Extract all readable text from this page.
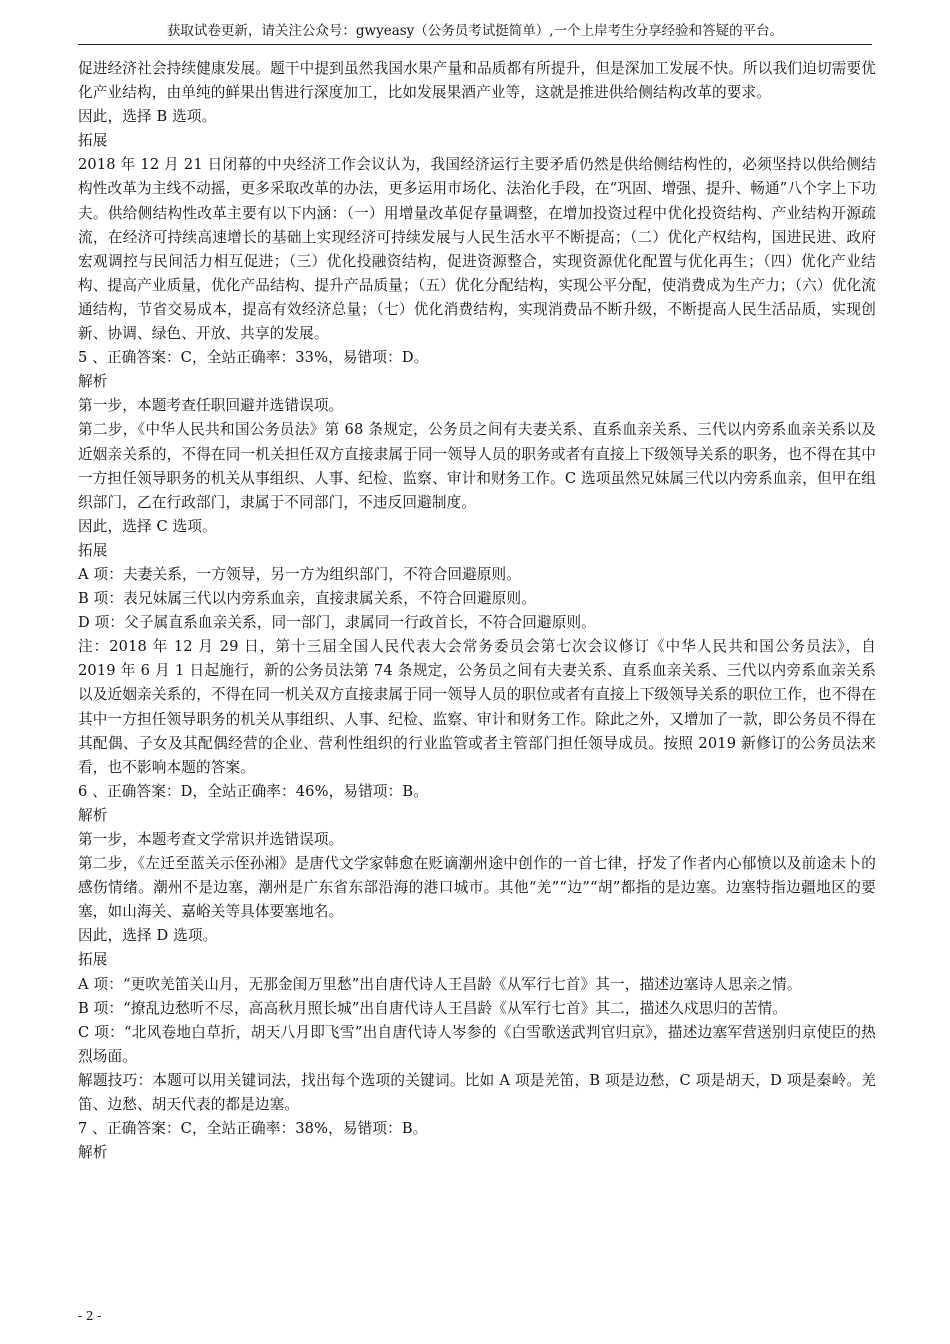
获取试卷更新，请关注公众号：gwyeasy（公务员考试挺简单）,一个上岸考生分享经验和答疑的平台。

促进经济社会持续健康发展。题干中提到虽然我国水果产量和品质都有所提升，但是深加工发展不快。所以我们迫切需要优化产业结构，由单纯的鲜果出售进行深度加工，比如发展果酒产业等，这就是推进供给侧结构改革的要求。

因此，选择 B 选项。

拓展

2018 年 12 月 21 日闭幕的中央经济工作会议认为，我国经济运行主要矛盾仍然是供给侧结构性的，必须坚持以供给侧结构性改革为主线不动摇，更多采取改革的办法，更多运用市场化、法治化手段，在“巩固、增强、提升、畅通”八个字上下功夫。供给侧结构性改革主要有以下内涵：（一）用增量改革促存量调整，在增加投资过程中优化投资结构、产业结构开源疏流，在经济可持续高速增长的基础上实现经济可持续发展与人民生活水平不断提高；（二）优化产权结构，国进民进、政府宏观调控与民间活力相互促进；（三）优化投融资结构，促进资源整合，实现资源优化配置与优化再生；（四）优化产业结构、提高产业质量，优化产品结构、提升产品质量；（五）优化分配结构，实现公平分配，使消费成为生产力；（六）优化流通结构，节省交易成本，提高有效经济总量；（七）优化消费结构，实现消费品不断升级，不断提高人民生活品质，实现创新、协调、绿色、开放、共享的发展。

5 、正确答案：C，全站正确率：33%，易错项：D。

解析

第一步，本题考查任职回避并选错误项。

第二步，《中华人民共和国公务员法》第 68 条规定，公务员之间有夫妻关系、直系血亲关系、三代以内旁系血亲关系以及近姻亲关系的，不得在同一机关担任双方直接隶属于同一领导人员的职务或者有直接上下级领导关系的职务，也不得在其中一方担任领导职务的机关从事组织、人事、纪检、监察、审计和财务工作。C 选项虽然兄妹属三代以内旁系血亲，但甲在组织部门，乙在行政部门，隶属于不同部门，不违反回避制度。

因此，选择 C 选项。

拓展

A 项：夫妻关系，一方领导，另一方为组织部门，不符合回避原则。

B 项：表兄妹属三代以内旁系血亲，直接隶属关系，不符合回避原则。

D 项：父子属直系血亲关系，同一部门，隶属同一行政首长，不符合回避原则。

注：2018 年 12 月 29 日，第十三届全国人民代表大会常务委员会第七次会议修订《中华人民共和国公务员法》，自 2019 年 6 月 1 日起施行，新的公务员法第 74 条规定，公务员之间有夫妻关系、直系血亲关系、三代以内旁系血亲关系以及近姻亲关系的，不得在同一机关双方直接隶属于同一领导人员的职位或者有直接上下级领导关系的职位工作，也不得在其中一方担任领导职务的机关从事组织、人事、纪检、监察、审计和财务工作。除此之外，又增加了一款，即公务员不得在其配偶、子女及其配偶经营的企业、营利性组织的行业监管或者主管部门担任领导成员。按照 2019 新修订的公务员法来看，也不影响本题的答案。

6 、正确答案：D，全站正确率：46%，易错项：B。

解析

第一步，本题考查文学常识并选错误项。

第二步，《左迁至蓝关示侄孙湘》是唐代文学家韩愈在贬谪潮州途中创作的一首七律，抒发了作者内心郁愤以及前途未卜的感伤情绪。潮州不是边塞，潮州是广东省东部沿海的港口城市。其他“羌”“边”“胡”都指的是边塞。边塞特指边疆地区的要塞，如山海关、嘉峪关等具体要塞地名。

因此，选择 D 选项。

拓展

A 项：“更吹羌笛关山月，无那金闺万里愁”出自唐代诗人王昌龄《从军行七首》其一，描述边塞诗人思亲之情。

B 项：“撩乱边愁听不尽，高高秋月照长城”出自唐代诗人王昌龄《从军行七首》其二，描述久戍思归的苦情。

C 项：“北风卷地白草折，胡天八月即飞雪”出自唐代诗人岑参的《白雪歌送武判官归京》，描述边塞军营送别归京使臣的热烈场面。

解题技巧：本题可以用关键词法，找出每个选项的关键词。比如 A 项是羌笛，B 项是边愁，C 项是胡天，D 项是秦岭。羌笛、边愁、胡天代表的都是边塞。

7 、正确答案：C，全站正确率：38%，易错项：B。

解析

- 2 -
